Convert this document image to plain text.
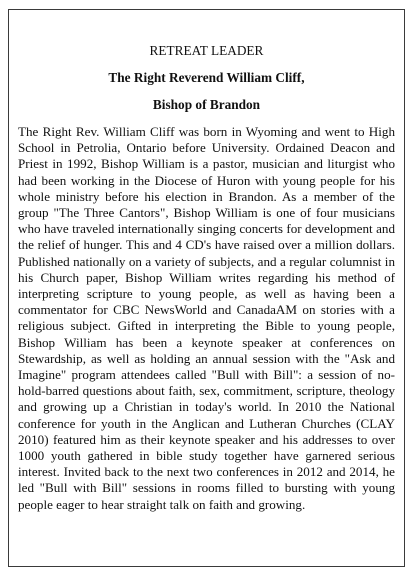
RETREAT LEADER
The Right Reverend William Cliff,
Bishop of Brandon

The Right Rev. William Cliff was born in Wyoming and went to High School in Petrolia, Ontario before University. Ordained Deacon and Priest in 1992, Bishop William is a pastor, musician and liturgist who had been working in the Diocese of Huron with young people for his whole ministry before his election in Brandon. As a member of the group "The Three Cantors", Bishop William is one of four musicians who have traveled internationally singing concerts for development and the relief of hunger. This and 4 CD's have raised over a million dollars. Published nationally on a variety of subjects, and a regular columnist in his Church paper, Bishop William writes regarding his method of interpreting scripture to young people, as well as having been a commentator for CBC NewsWorld and CanadaAM on stories with a religious subject. Gifted in interpreting the Bible to young people, Bishop William has been a keynote speaker at conferences on Stewardship, as well as holding an annual session with the "Ask and Imagine" program attendees called "Bull with Bill": a session of no-hold-barred questions about faith, sex, commitment, scripture, theology and growing up a Christian in today's world. In 2010 the National conference for youth in the Anglican and Lutheran Churches (CLAY 2010) featured him as their keynote speaker and his addresses to over 1000 youth gathered in bible study together have garnered serious interest. Invited back to the next two conferences in 2012 and 2014, he led "Bull with Bill" sessions in rooms filled to bursting with young people eager to hear straight talk on faith and growing.
